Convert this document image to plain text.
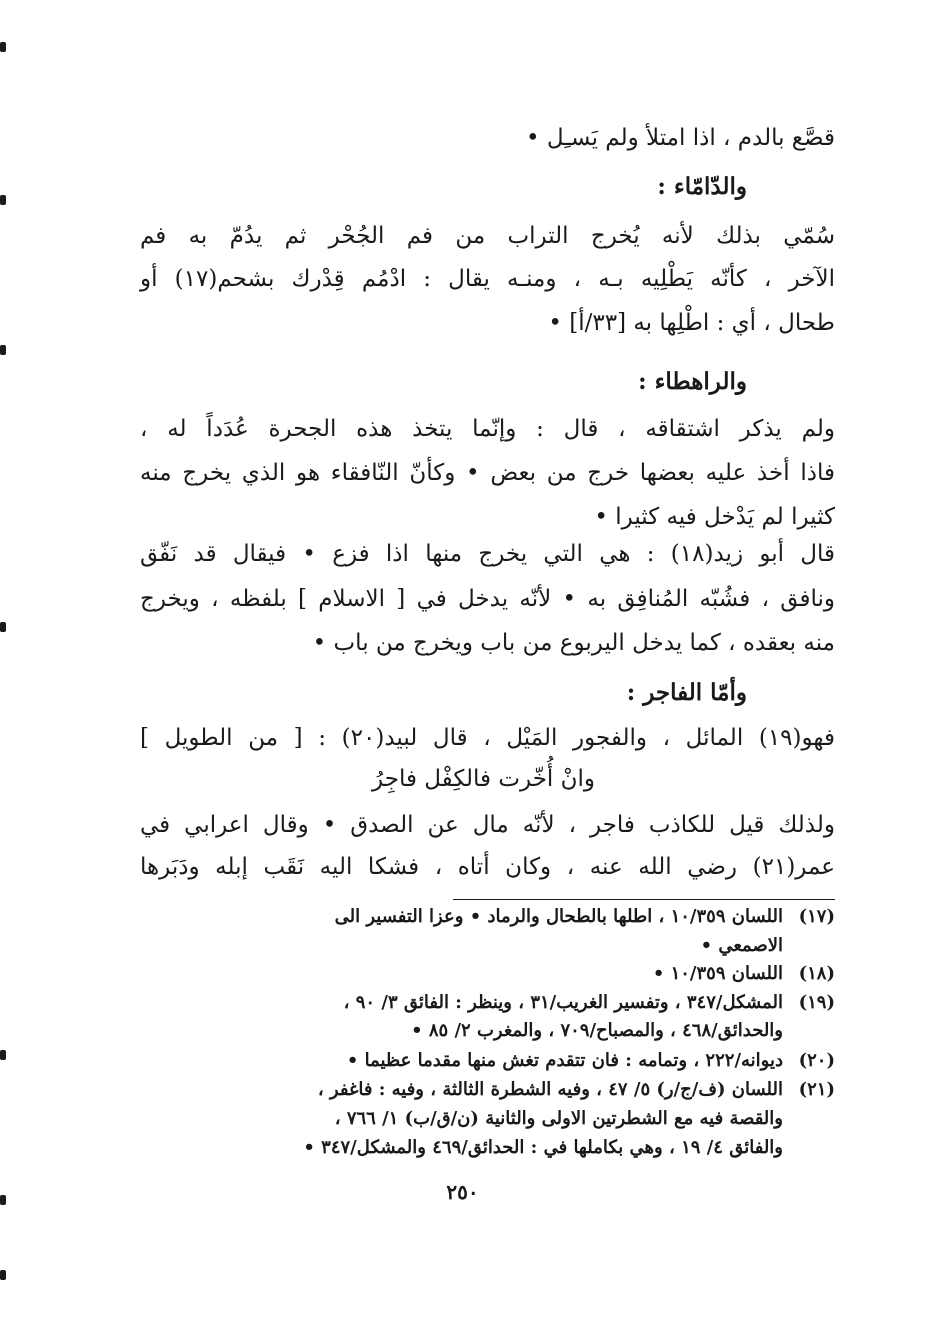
قصَّع بالدم ، اذا امتلأ ولم يَسـِل •
والدّامّاء :
سُمّي بذلك لأنه يُخرج التراب من فم الجُحْر ثم يدُمّ به فم
الآخر ، كأنّه يَطْلِيه بـه ، ومنـه يقال : ادْمُم قِدْرك بشحم(١٧) أو
طحال ، أي : اطْلِها به [٣٣/أ] •
والراهطاء :
ولم يذكر اشتقاقه ، قال : وإنّما يتخذ هذه الجحرة عُدَداً له ،
فاذا أخذ عليه بعضها خرج من بعض • وكأنّ النّافقاء هو الذي يخرج منه
كثيرا لم يَدْخل فيه كثيرا •
قال أبو زيد(١٨) : هي التي يخرج منها اذا فزع • فيقال قد نَفّق
ونافق ، فشُبّه المُنافِق به • لأنّه يدخل في [ الاسلام ] بلفظه ، ويخرج
منه بعقده ، كما يدخل اليربوع من باب ويخرج من باب •
وأمّا الفاجر :
فهو(١٩) المائل ، والفجور المَيْل ، قال لبيد(٢٠) : [ من الطويل ]
وانْ أُخّرت فالكِفْل فاجِرُ
ولذلك قيل للكاذب فاجر ، لأنّه مال عن الصدق • وقال اعرابي في
عمر(٢١) رضي الله عنه ، وكان أتاه ، فشكا اليه نَقَب إبله ودَبَرها
(١٧)اللسان ١٠/٣٥٩ ، اطلها بالطحال والرماد • وعزا التفسير الى
الاصمعي •
(١٨)اللسان ١٠/٣٥٩ •
(١٩)المشكل/٣٤٧ ، وتفسير الغريب/٣١ ، وينظر : الفائق ٣/ ٩٠ ،
والحدائق/٤٦٨ ، والمصباح/٧٠٩ ، والمغرب ٢/ ٨٥ •
(٢٠)ديوانه/٢٢٢ ، وتمامه : فان تتقدم تغش منها مقدما عظيما •
(٢١)اللسان (ف/ج/ر) ٥/ ٤٧ ، وفيه الشطرة الثالثة ، وفيه : فاغفر ،
والقصة فيه مع الشطرتين الاولى والثانية (ن/ق/ب) ١/ ٧٦٦ ،
والفائق ٤/ ١٩ ، وهي بكاملها في : الحدائق/٤٦٩ والمشكل/٣٤٧ •
٢٥٠
